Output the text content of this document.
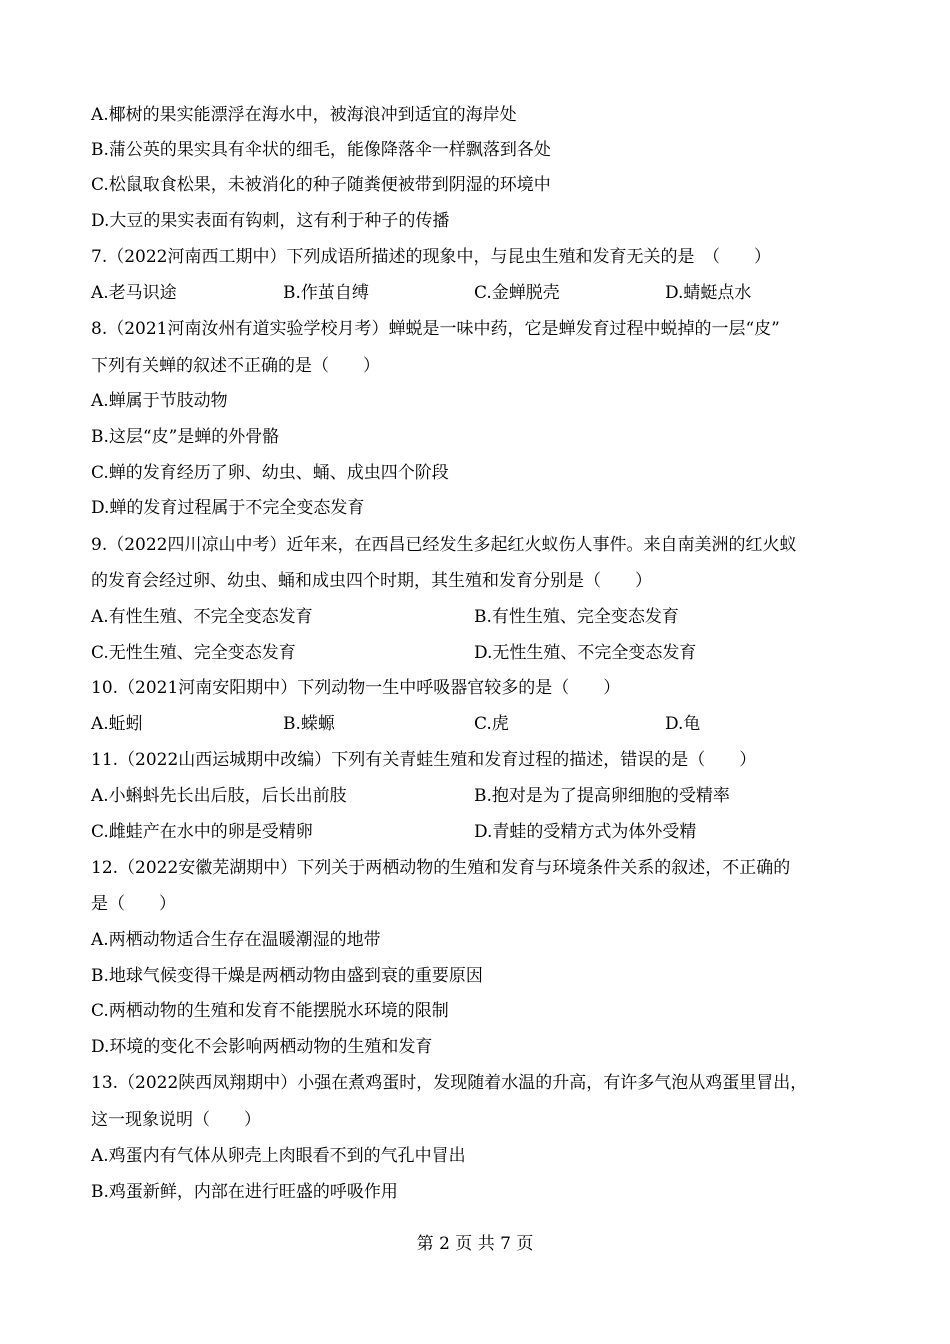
A.椰树的果实能漂浮在海水中，被海浪冲到适宜的海岸处
B.蒲公英的果实具有伞状的细毛，能像降落伞一样飘落到各处
C.松鼠取食松果，未被消化的种子随粪便被带到阴湿的环境中
D.大豆的果实表面有钩刺，这有利于种子的传播
7.（2022河南西工期中）下列成语所描述的现象中，与昆虫生殖和发育无关的是　（　　）
A.老马识途	B.作茧自缚	C.金蝉脱壳	D.蜻蜓点水
8.（2021河南汝州有道实验学校月考）蝉蜕是一味中药，它是蝉发育过程中蜕掉的一层“皮”
下列有关蝉的叙述不正确的是（　　）
A.蝉属于节肢动物
B.这层“皮”是蝉的外骨骼
C.蝉的发育经历了卵、幼虫、蛹、成虫四个阶段
D.蝉的发育过程属于不完全变态发育
9.（2022四川凉山中考）近年来，在西昌已经发生多起红火蚁伤人事件。来自南美洲的红火蚁
的发育会经过卵、幼虫、蛹和成虫四个时期，其生殖和发育分别是（　　）
A.有性生殖、不完全变态发育	B.有性生殖、完全变态发育
C.无性生殖、完全变态发育	D.无性生殖、不完全变态发育
10.（2021河南安阳期中）下列动物一生中呼吸器官较多的是（　　）
A.蚯蚓	B.蝾螈	C.虎	D.龟
11.（2022山西运城期中改编）下列有关青蛙生殖和发育过程的描述，错误的是（　　）
A.小蝌蚪先长出后肢，后长出前肢	B.抱对是为了提高卵细胞的受精率
C.雌蛙产在水中的卵是受精卵	D.青蛙的受精方式为体外受精
12.（2022安徽芜湖期中）下列关于两栖动物的生殖和发育与环境条件关系的叙述，不正确的
是（　　）
A.两栖动物适合生存在温暖潮湿的地带
B.地球气候变得干燥是两栖动物由盛到衰的重要原因
C.两栖动物的生殖和发育不能摆脱水环境的限制
D.环境的变化不会影响两栖动物的生殖和发育
13.（2022陕西凤翔期中）小强在煮鸡蛋时，发现随着水温的升高，有许多气泡从鸡蛋里冒出，
这一现象说明（　　）
A.鸡蛋内有气体从卵壳上肉眼看不到的气孔中冒出
B.鸡蛋新鲜，内部在进行旺盛的呼吸作用
第 2 页 共 7 页
